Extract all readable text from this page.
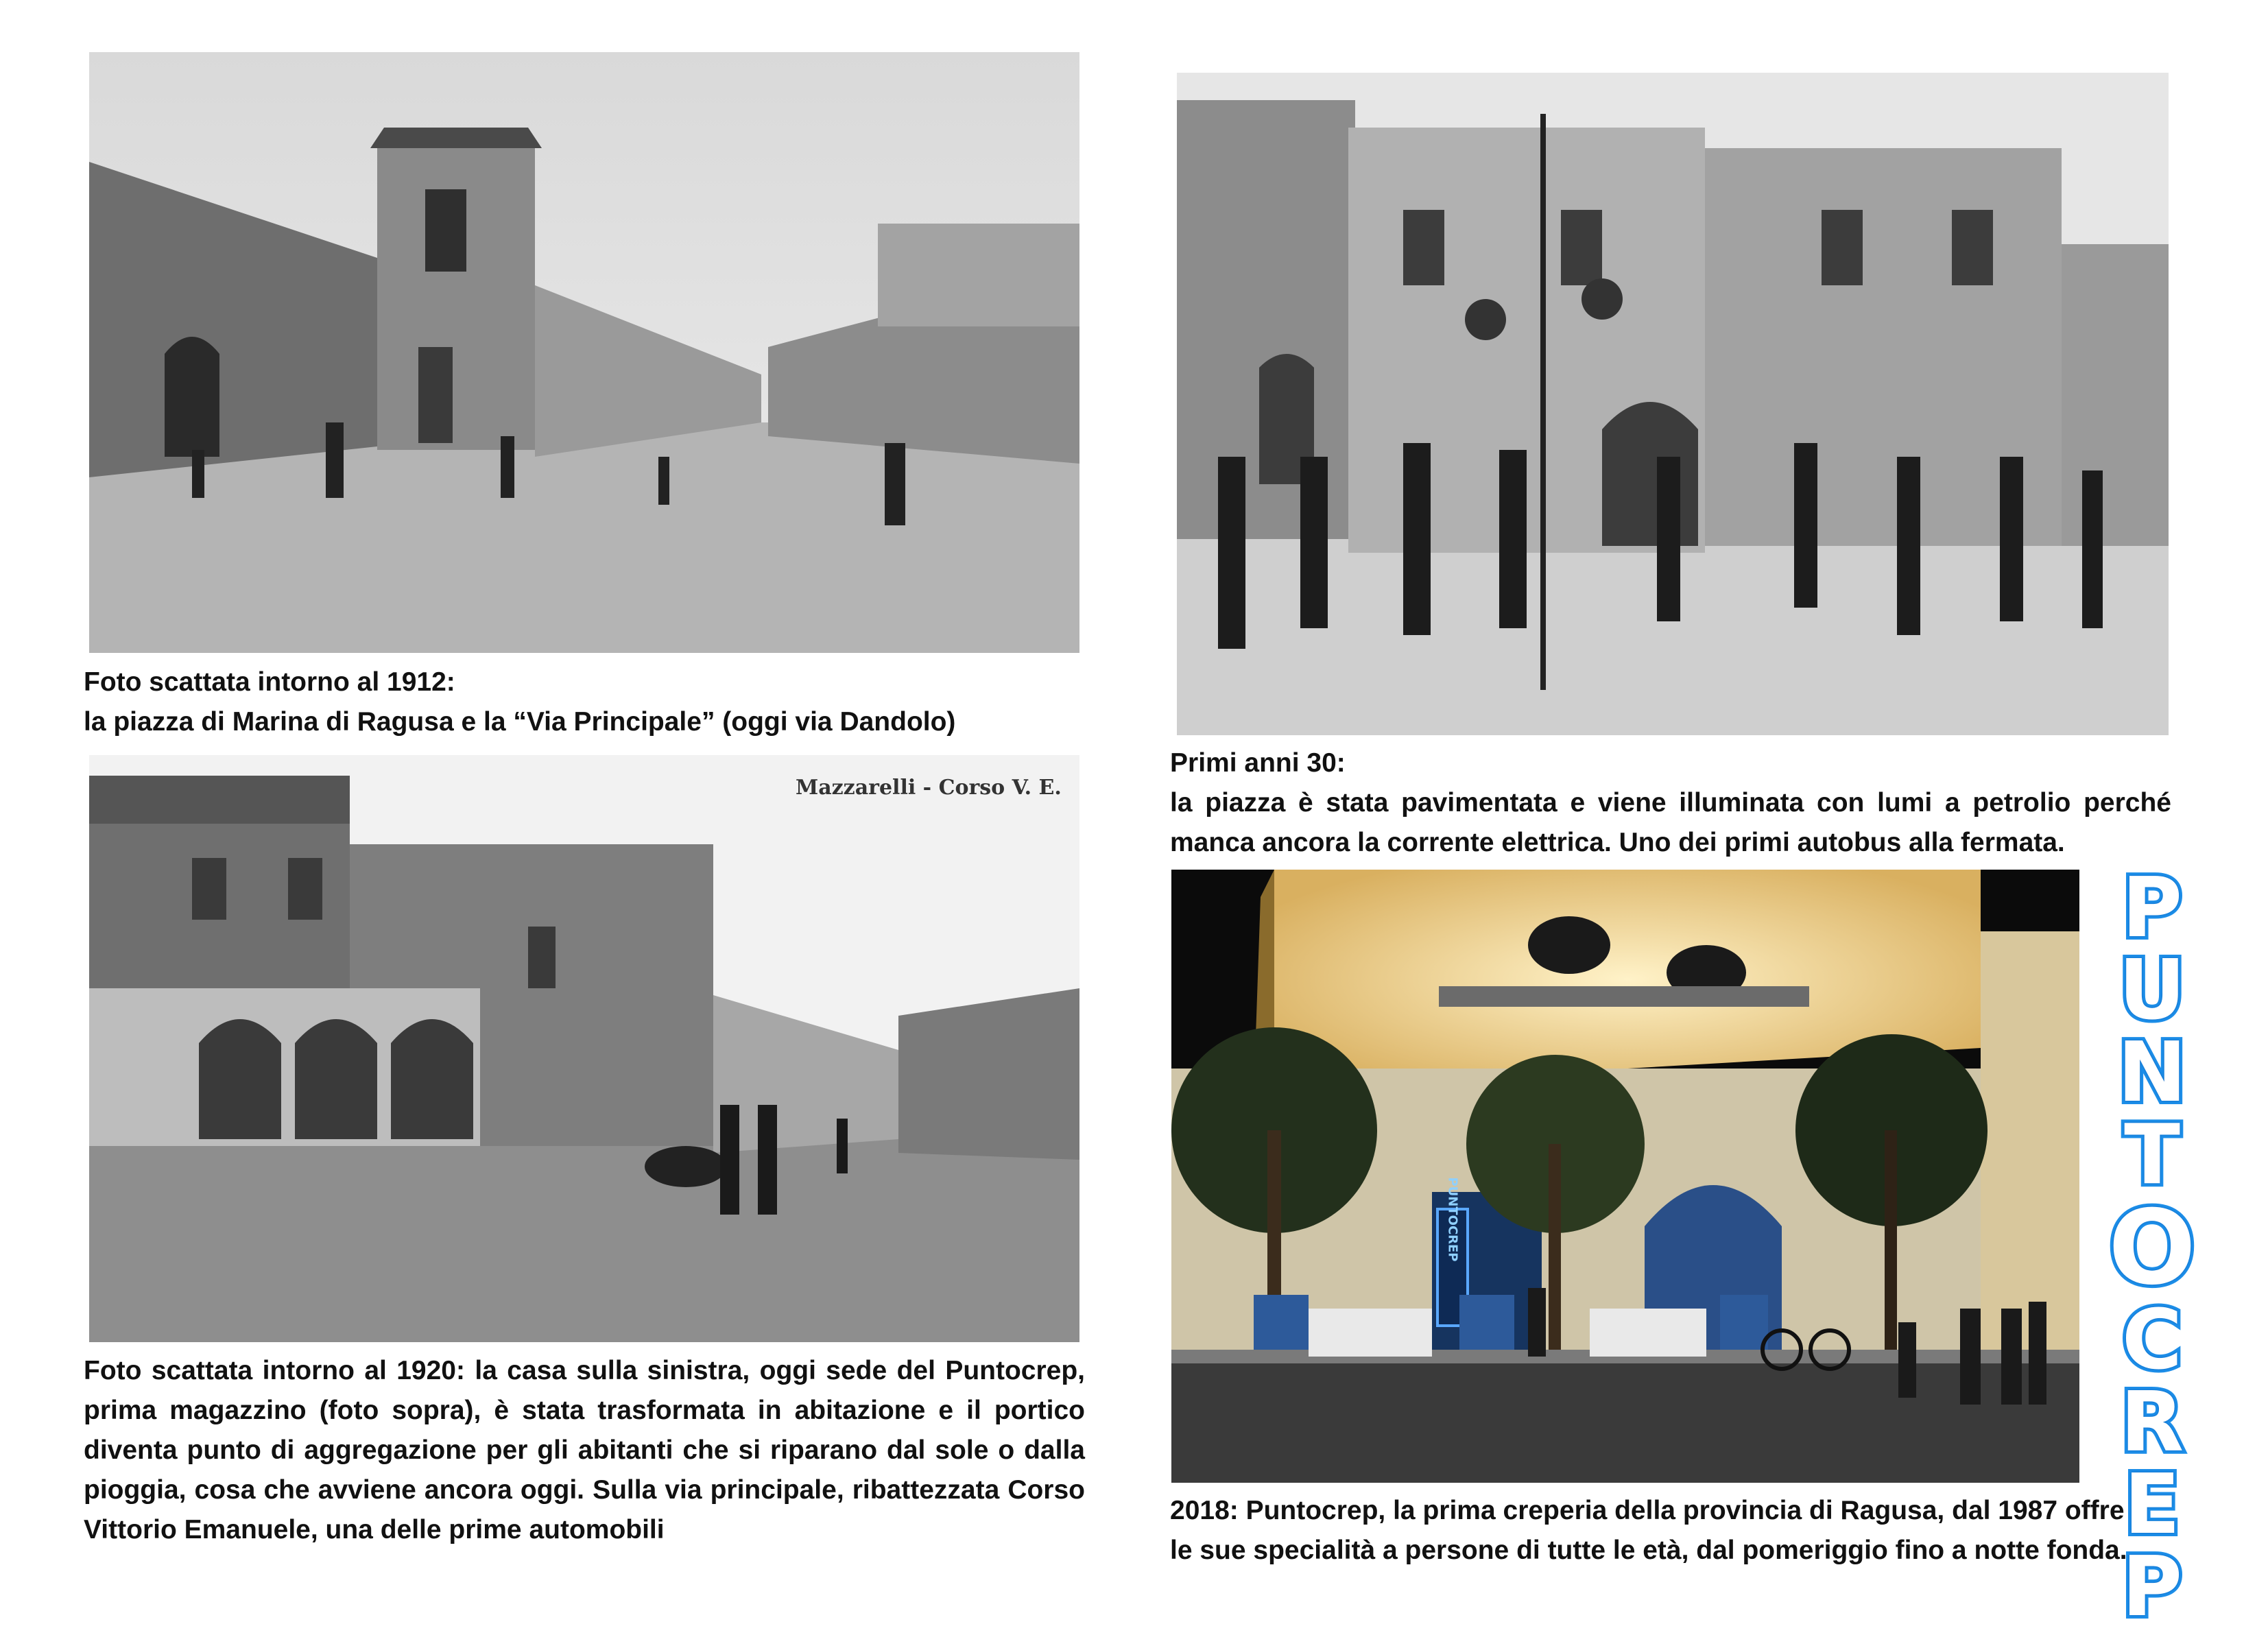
Foto scattata intorno al 1912:
la piazza di Marina di Ragusa e la “Via Principale” (oggi via Dandolo)
Primi anni 30:
la piazza è stata pavimentata e viene illuminata con lumi a petrolio perché manca ancora la corrente elettrica. Uno dei primi autobus alla fermata.
Mazzarelli - Corso V. E.
Foto scattata intorno al 1920: la casa sulla sinistra, oggi sede del Puntocrep, prima magazzino (foto sopra), è stata trasformata in abitazione e il portico diventa punto di aggregazione per gli abitanti che si riparano dal sole o dalla pioggia, cosa che avviene ancora oggi. Sulla via principale, ribattezzata Corso Vittorio Emanuele, una delle prime automobili
PUNTOCREP
2018: Puntocrep, la prima creperia della provincia di Ragusa, dal 1987 offre
le sue specialità a persone di tutte le età, dal pomeriggio fino a notte fonda.
P
U
N
T
O
C
R
E
P
